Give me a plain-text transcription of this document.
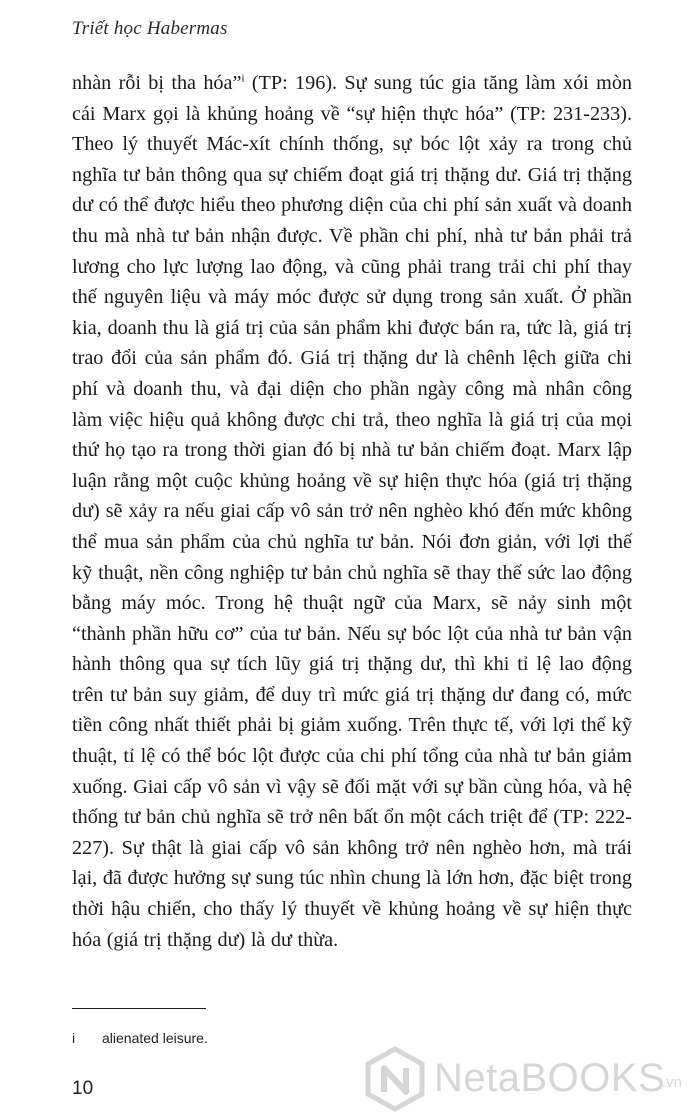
Triết học Habermas

nhàn rỗi bị tha hóa”$^i$ (TP: 196). Sự sung túc gia tăng làm xói mòn cái Marx gọi là khủng hoảng về “sự hiện thực hóa” (TP: 231-233). Theo lý thuyết Mác-xít chính thống, sự bóc lột xảy ra trong chủ nghĩa tư bản thông qua sự chiếm đoạt giá trị thặng dư. Giá trị thặng dư có thể được hiểu theo phương diện của chi phí sản xuất và doanh thu mà nhà tư bản nhận được. Về phần chi phí, nhà tư bản phải trả lương cho lực lượng lao động, và cũng phải trang trải chi phí thay thế nguyên liệu và máy móc được sử dụng trong sản xuất. Ở phần kia, doanh thu là giá trị của sản phẩm khi được bán ra, tức là, giá trị trao đổi của sản phẩm đó. Giá trị thặng dư là chênh lệch giữa chi phí và doanh thu, và đại diện cho phần ngày công mà nhân công làm việc hiệu quả không được chi trả, theo nghĩa là giá trị của mọi thứ họ tạo ra trong thời gian đó bị nhà tư bản chiếm đoạt. Marx lập luận rằng một cuộc khủng hoảng về sự hiện thực hóa (giá trị thặng dư) sẽ xảy ra nếu giai cấp vô sản trở nên nghèo khó đến mức không thể mua sản phẩm của chủ nghĩa tư bản. Nói đơn giản, với lợi thế kỹ thuật, nền công nghiệp tư bản chủ nghĩa sẽ thay thế sức lao động bằng máy móc. Trong hệ thuật ngữ của Marx, sẽ nảy sinh một “thành phần hữu cơ” của tư bản. Nếu sự bóc lột của nhà tư bản vận hành thông qua sự tích lũy giá trị thặng dư, thì khi tỉ lệ lao động trên tư bản suy giảm, để duy trì mức giá trị thặng dư đang có, mức tiền công nhất thiết phải bị giảm xuống. Trên thực tế, với lợi thế kỹ thuật, tỉ lệ có thể bóc lột được của chi phí tổng của nhà tư bản giảm xuống. Giai cấp vô sản vì vậy sẽ đối mặt với sự bần cùng hóa, và hệ thống tư bản chủ nghĩa sẽ trở nên bất ổn một cách triệt để (TP: 222-227). Sự thật là giai cấp vô sản không trở nên nghèo hơn, mà trái lại, đã được hưởng sự sung túc nhìn chung là lớn hơn, đặc biệt trong thời hậu chiến, cho thấy lý thuyết về khủng hoảng về sự hiện thực hóa (giá trị thặng dư) là dư thừa.

i alienated leisure.
10	NetaBOOKS
.vn
